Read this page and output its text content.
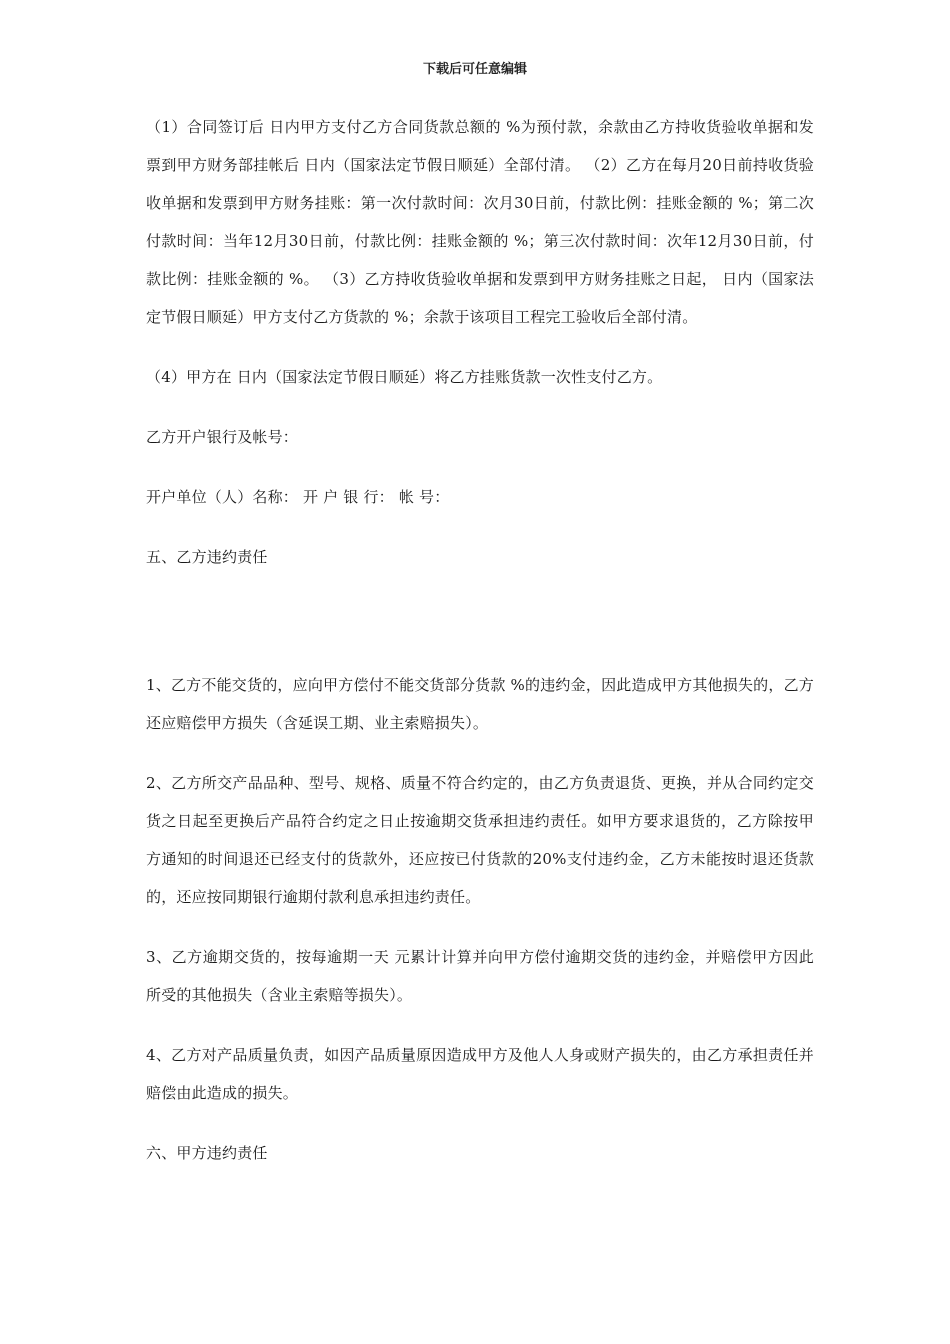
下载后可任意编辑

（1）合同签订后 日内甲方支付乙方合同货款总额的 %为预付款，余款由乙方持收货验收单据和发票到甲方财务部挂帐后 日内（国家法定节假日顺延）全部付清。 （2）乙方在每月20日前持收货验收单据和发票到甲方财务挂账：第一次付款时间：次月30日前，付款比例：挂账金额的 %；第二次付款时间：当年12月30日前，付款比例：挂账金额的 %；第三次付款时间：次年12月30日前，付款比例：挂账金额的 %。 （3）乙方持收货验收单据和发票到甲方财务挂账之日起， 日内（国家法定节假日顺延）甲方支付乙方货款的 %；余款于该项目工程完工验收后全部付清。

（4）甲方在 日内（国家法定节假日顺延）将乙方挂账货款一次性支付乙方。

乙方开户银行及帐号：

开户单位（人）名称： 开 户 银 行： 帐 号：

五、乙方违约责任

1、乙方不能交货的，应向甲方偿付不能交货部分货款 %的违约金，因此造成甲方其他损失的，乙方还应赔偿甲方损失（含延误工期、业主索赔损失）。

2、乙方所交产品品种、型号、规格、质量不符合约定的，由乙方负责退货、更换，并从合同约定交货之日起至更换后产品符合约定之日止按逾期交货承担违约责任。如甲方要求退货的，乙方除按甲方通知的时间退还已经支付的货款外，还应按已付货款的20%支付违约金，乙方未能按时退还货款的，还应按同期银行逾期付款利息承担违约责任。

3、乙方逾期交货的，按每逾期一天 元累计计算并向甲方偿付逾期交货的违约金，并赔偿甲方因此所受的其他损失（含业主索赔等损失）。

4、乙方对产品质量负责，如因产品质量原因造成甲方及他人人身或财产损失的，由乙方承担责任并赔偿由此造成的损失。

六、甲方违约责任
